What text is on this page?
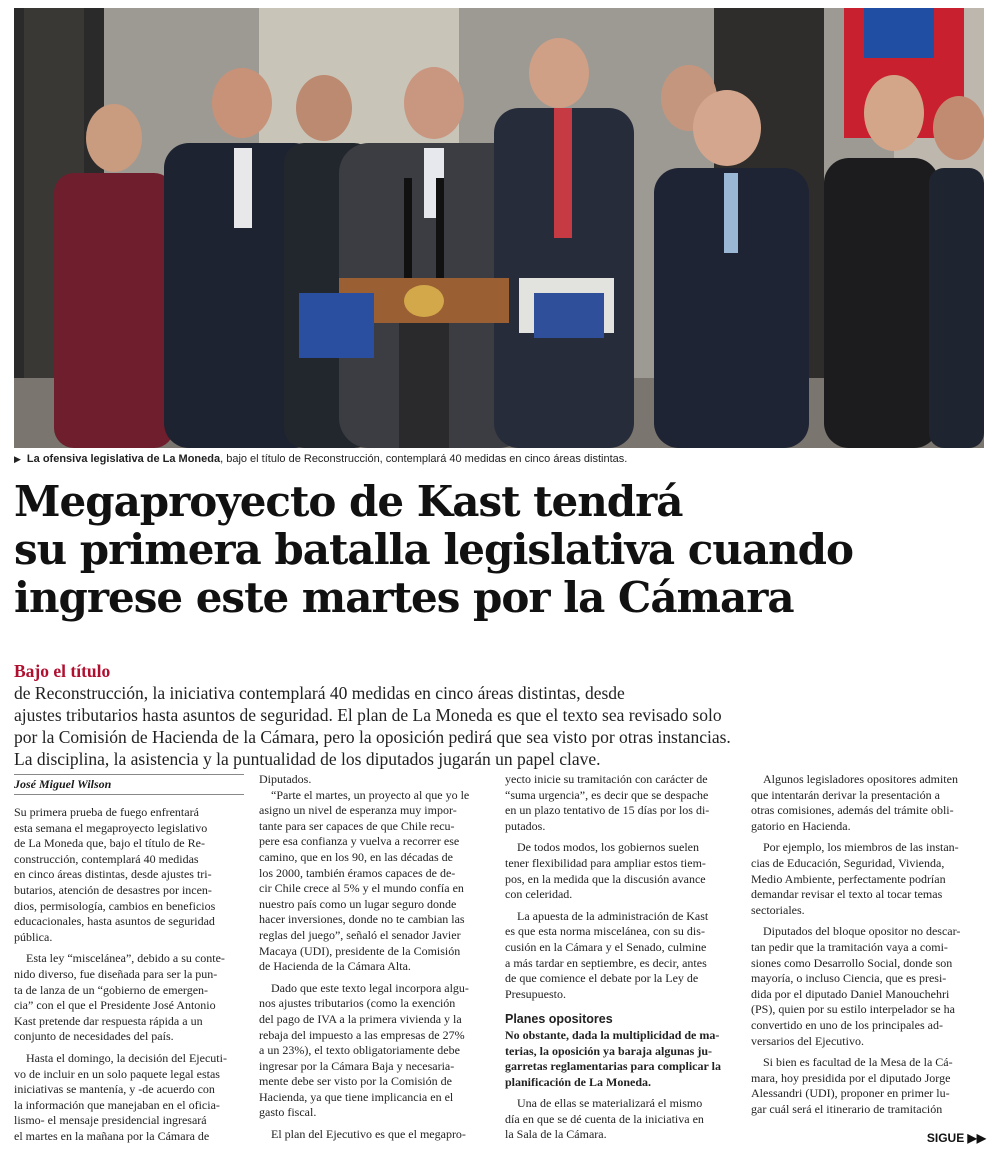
▶ La ofensiva legislativa de La Moneda, bajo el título de Reconstrucción, contemplará 40 medidas en cinco áreas distintas.
Megaproyecto de Kast tendrá
su primera batalla legislativa cuando
ingrese este martes por la Cámara
Bajo el título
de Reconstrucción, la iniciativa contemplará 40 medidas en cinco áreas distintas, desde
ajustes tributarios hasta asuntos de seguridad. El plan de La Moneda es que el texto sea revisado solo
por la Comisión de Hacienda de la Cámara, pero la oposición pedirá que sea visto por otras instancias.
La disciplina, la asistencia y la puntualidad de los diputados jugarán un papel clave.
José Miguel Wilson
Su primera prueba de fuego enfrentará
esta semana el megaproyecto legislativo
de La Moneda que, bajo el título de Re-
construcción, contemplará 40 medidas
en cinco áreas distintas, desde ajustes tri-
butarios, atención de desastres por incen-
dios, permisología, cambios en beneficios
educacionales, hasta asuntos de seguridad
pública.
Esta ley “miscelánea”, debido a su conte-
nido diverso, fue diseñada para ser la pun-
ta de lanza de un “gobierno de emergen-
cia” con el que el Presidente José Antonio
Kast pretende dar respuesta rápida a un
conjunto de necesidades del país.
Hasta el domingo, la decisión del Ejecuti-
vo de incluir en un solo paquete legal estas
iniciativas se mantenía, y -de acuerdo con
la información que manejaban en el oficia-
lismo- el mensaje presidencial ingresará
el martes en la mañana por la Cámara de
Diputados.
“Parte el martes, un proyecto al que yo le
asigno un nivel de esperanza muy impor-
tante para ser capaces de que Chile recu-
pere esa confianza y vuelva a recorrer ese
camino, que en los 90, en las décadas de
los 2000, también éramos capaces de de-
cir Chile crece al 5% y el mundo confía en
nuestro país como un lugar seguro donde
hacer inversiones, donde no te cambian las
reglas del juego”, señaló el senador Javier
Macaya (UDI), presidente de la Comisión
de Hacienda de la Cámara Alta.
Dado que este texto legal incorpora algu-
nos ajustes tributarios (como la exención
del pago de IVA a la primera vivienda y la
rebaja del impuesto a las empresas de 27%
a un 23%), el texto obligatoriamente debe
ingresar por la Cámara Baja y necesaria-
mente debe ser visto por la Comisión de
Hacienda, ya que tiene implicancia en el
gasto fiscal.
El plan del Ejecutivo es que el megapro-
yecto inicie su tramitación con carácter de
“suma urgencia”, es decir que se despache
en un plazo tentativo de 15 días por los di-
putados.
De todos modos, los gobiernos suelen
tener flexibilidad para ampliar estos tiem-
pos, en la medida que la discusión avance
con celeridad.
La apuesta de la administración de Kast
es que esta norma miscelánea, con su dis-
cusión en la Cámara y el Senado, culmine
a más tardar en septiembre, es decir, antes
de que comience el debate por la Ley de
Presupuesto.
Planes opositores
No obstante, dada la multiplicidad de ma-
terias, la oposición ya baraja algunas ju-
garretas reglamentarias para complicar la
planificación de La Moneda.
Una de ellas se materializará el mismo
día en que se dé cuenta de la iniciativa en
la Sala de la Cámara.
Algunos legisladores opositores admiten
que intentarán derivar la presentación a
otras comisiones, además del trámite obli-
gatorio en Hacienda.
Por ejemplo, los miembros de las instan-
cias de Educación, Seguridad, Vivienda,
Medio Ambiente, perfectamente podrían
demandar revisar el texto al tocar temas
sectoriales.
Diputados del bloque opositor no descar-
tan pedir que la tramitación vaya a comi-
siones como Desarrollo Social, donde son
mayoría, o incluso Ciencia, que es presi-
dida por el diputado Daniel Manouchehri
(PS), quien por su estilo interpelador se ha
convertido en uno de los principales ad-
versarios del Ejecutivo.
Si bien es facultad de la Mesa de la Cá-
mara, hoy presidida por el diputado Jorge
Alessandri (UDI), proponer en primer lu-
gar cuál será el itinerario de tramitación
SIGUE ▶▶
